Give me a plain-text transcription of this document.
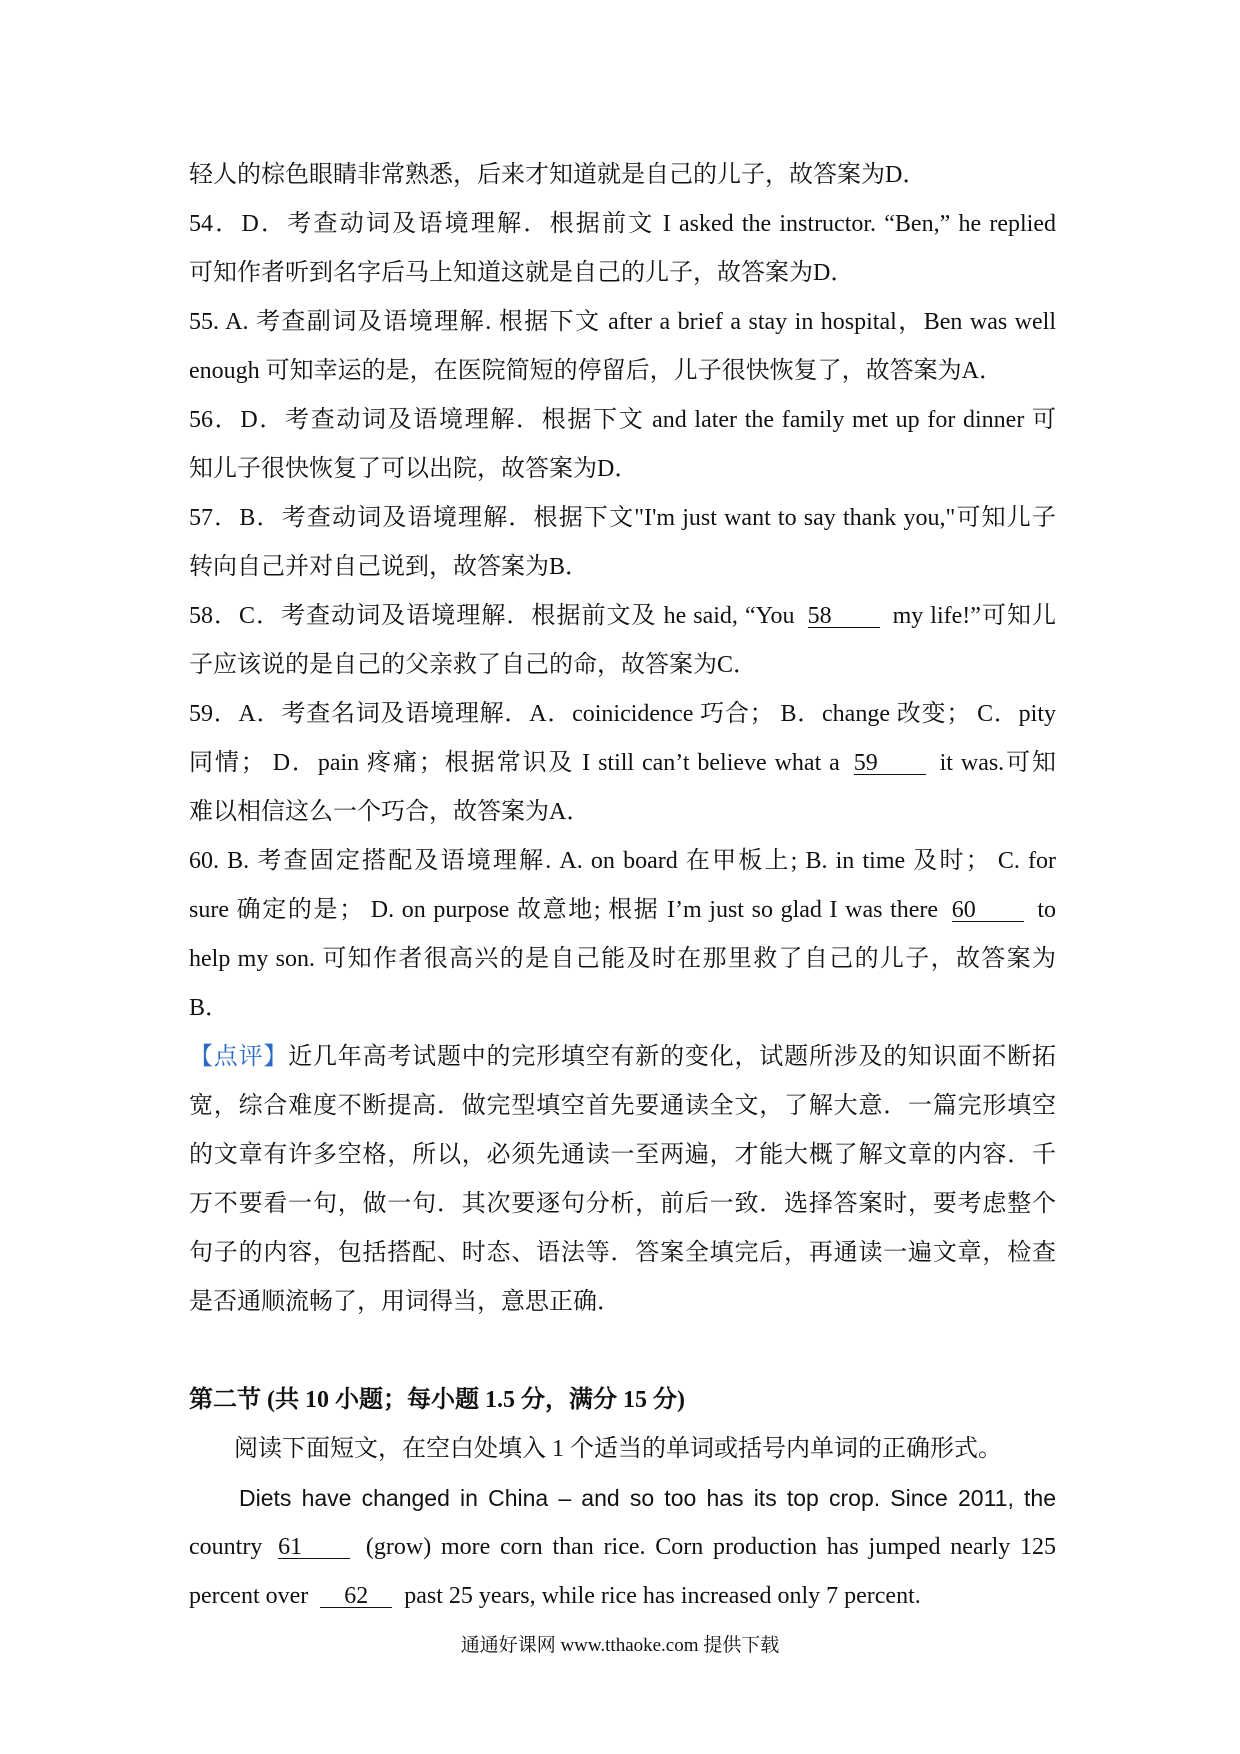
轻人的棕色眼睛非常熟悉，后来才知道就是自己的儿子，故答案为D．
54．D．考查动词及语境理解．根据前文 I asked the instructor. “Ben,” he replied
可知作者听到名字后马上知道这就是自己的儿子，故答案为D．
55. A. 考查副词及语境理解. 根据下文 after a brief a stay in hospital，Ben was well
enough 可知幸运的是，在医院简短的停留后，儿子很快恢复了，故答案为A．
56．D．考查动词及语境理解．根据下文 and later the family met up for dinner 可
知儿子很快恢复了可以出院，故答案为D．
57．B．考查动词及语境理解．根据下文"I'm just want to say thank you,"可知儿子
转向自己并对自己说到，故答案为B．
58．C．考查动词及语境理解．根据前文及 he said, “You 58	my life!”可知儿
子应该说的是自己的父亲救了自己的命，故答案为C．
59．A．考查名词及语境理解．A．coinicidence 巧合； B．change 改变； C．pity
同情； D．pain 疼痛；根据常识及 I still can’t believe what a 59	it was.可知
难以相信这么一个巧合，故答案为A．
60. B. 考查固定搭配及语境理解. A. on board 在甲板上; B. in time 及时； C. for
sure 确定的是； D. on purpose 故意地; 根据 I’m just so glad I was there 60	to
help my son. 可知作者很高兴的是自己能及时在那里救了自己的儿子，故答案为
B．
【点评】近几年高考试题中的完形填空有新的变化，试题所涉及的知识面不断拓
宽，综合难度不断提高．做完型填空首先要通读全文，了解大意．一篇完形填空
的文章有许多空格，所以，必须先通读一至两遍，才能大概了解文章的内容．千
万不要看一句，做一句．其次要逐句分析，前后一致．选择答案时，要考虑整个
句子的内容，包括搭配、时态、语法等．答案全填完后，再通读一遍文章，检查
是否通顺流畅了，用词得当，意思正确．
第二节 (共 10 小题；每小题 1.5 分，满分 15 分)
阅读下面短文，在空白处填入 1 个适当的单词或括号内单词的正确形式。
Diets have changed in China – and so too has its top crop. Since 2011, the
country 61	(grow) more corn than rice. Corn production has jumped nearly 125
percent over 62 past 25 years, while rice has increased only 7 percent.
通通好课网 www.tthaoke.com 提供下载
